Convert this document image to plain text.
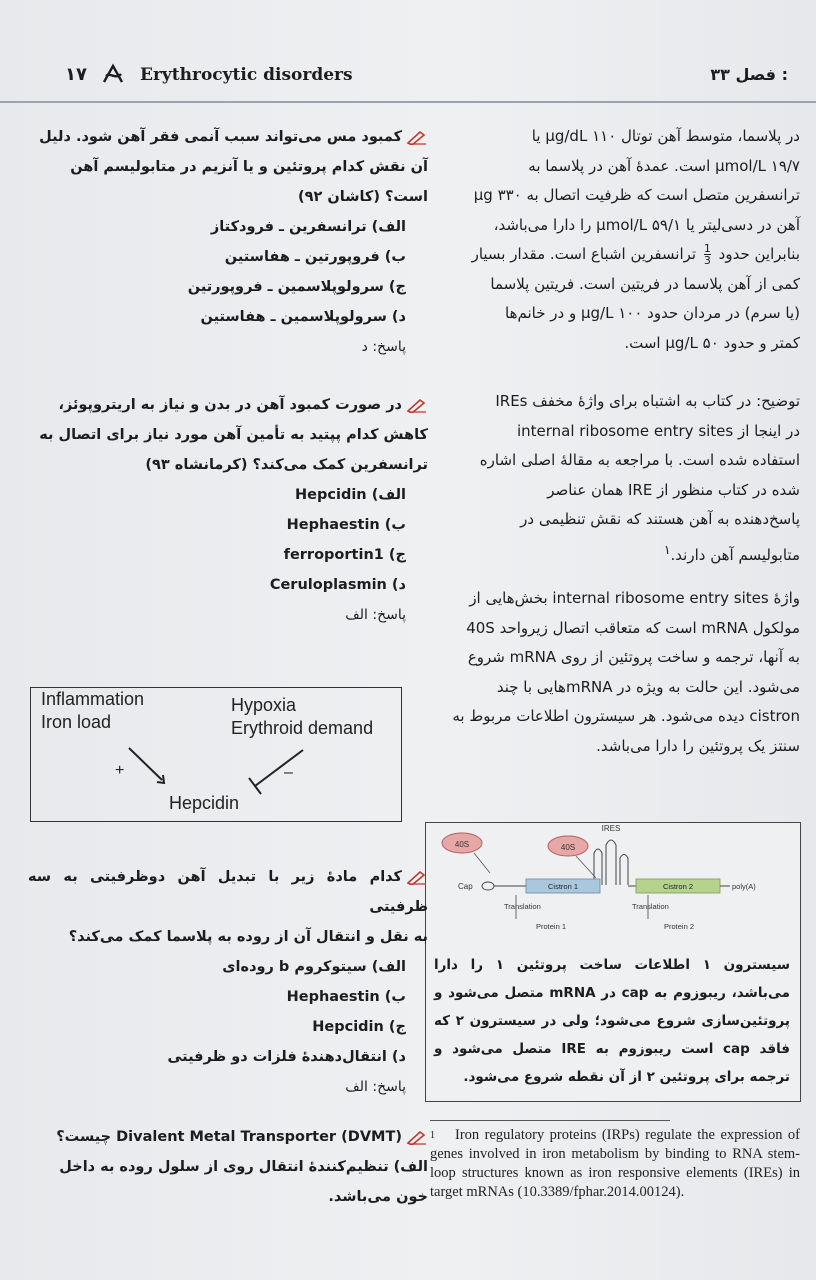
۱۷	Erythrocytic disorders	: فصل ۳۳

در پلاسما، متوسط آهن توتال ۱۱۰ µg/dL یا
۱۹/۷ µmol/L است. عمدهٔ آهن در پلاسما به
ترانسفرین متصل است که ظرفیت اتصال به ۳۳۰ µg
آهن در دسی‌لیتر یا ۵۹/۱ µmol/L را دارا می‌باشد،
بنابراین حدود
$\frac{1}{3}$
ترانسفرین اشباع است. مقدار بسیار
کمی از آهن پلاسما در فریتین است. فریتین پلاسما
(یا سرم) در مردان حدود ۱۰۰ µg/L و در خانم‌ها
کمتر و حدود ۵۰ µg/L است.

توضیح: در کتاب به اشتباه برای واژهٔ مخفف IREs
در اینجا از internal ribosome entry sites
استفاده شده است. با مراجعه به مقالهٔ اصلی اشاره
شده در کتاب منظور از IRE همان عناصر
پاسخ‌دهنده به آهن هستند که نقش تنظیمی در
متابولیسم آهن دارند.$^۱$

واژهٔ internal ribosome entry sites بخش‌هایی از
مولکول mRNA است که متعاقب اتصال زیرواحد 40S
به آنها، ترجمه و ساخت پروتئین از روی mRNA شروع
می‌شود. این حالت به ویژه در mRNAهایی با چند
cistron دیده می‌شود. هر سیسترون اطلاعات مربوط به
سنتز یک پروتئین را دارا می‌باشد.

40S	40S
IRES
Cap	Cistron 1	Cistron 2	poly(A)
Translation
Protein 1
Translation
Protein 2
سیسترون ۱ اطلاعات ساخت پروتئین ۱ را دارا می‌باشد، ریبوزوم به cap در mRNA متصل می‌شود و پروتئین‌سازی شروع می‌شود؛ ولی در سیسترون ۲ که فاقد cap است ریبوزوم به IRE متصل می‌شود و ترجمه برای پروتئین ۲ از آن نقطه شروع می‌شود.
$^1$ Iron regulatory proteins (IRPs) regulate the expression of genes involved in iron metabolism by binding to RNA stem-loop structures known as iron responsive elements (IREs) in target mRNAs (10.3389/fphar.2014.00124).

کمبود مس می‌تواند سبب آنمی فقر آهن شود. دلیل
آن نقش کدام پروتئین و یا آنزیم در متابولیسم آهن
است؟ (کاشان ۹۲)

الف) ترانسفرین ـ فرودکتاز

ب) فروپورتین ـ هفاستین

ج) سرولوپلاسمین ـ فروپورتین

د) سرولوپلاسمین ـ هفاستین

پاسخ: د

در صورت کمبود آهن در بدن و نیاز به اریتروپوئز،
کاهش کدام پپتید به تأمین آهن مورد نیاز برای اتصال به
ترانسفرین کمک می‌کند؟ (کرمانشاه ۹۳)

الف) Hepcidin

ب) Hephaestin

ج) ferroportin1

د) Ceruloplasmin

پاسخ: الف

Inflammation
Iron load
Hypoxia
Erythroid demand
+	–
Hepcidin

کدام مادهٔ زیر با تبدیل آهن دوظرفیتی به سه ظرفیتی
به نقل و انتقال آن از روده به پلاسما کمک می‌کند؟

الف) سیتوکروم b روده‌ای

ب) Hephaestin

ج) Hepcidin

د) انتقال‌دهندهٔ فلزات دو ظرفیتی

پاسخ: الف

(DVMT) Divalent Metal Transporter چیست؟

الف) تنظیم‌کنندهٔ انتقال روی از سلول روده به داخل

خون می‌باشد.
